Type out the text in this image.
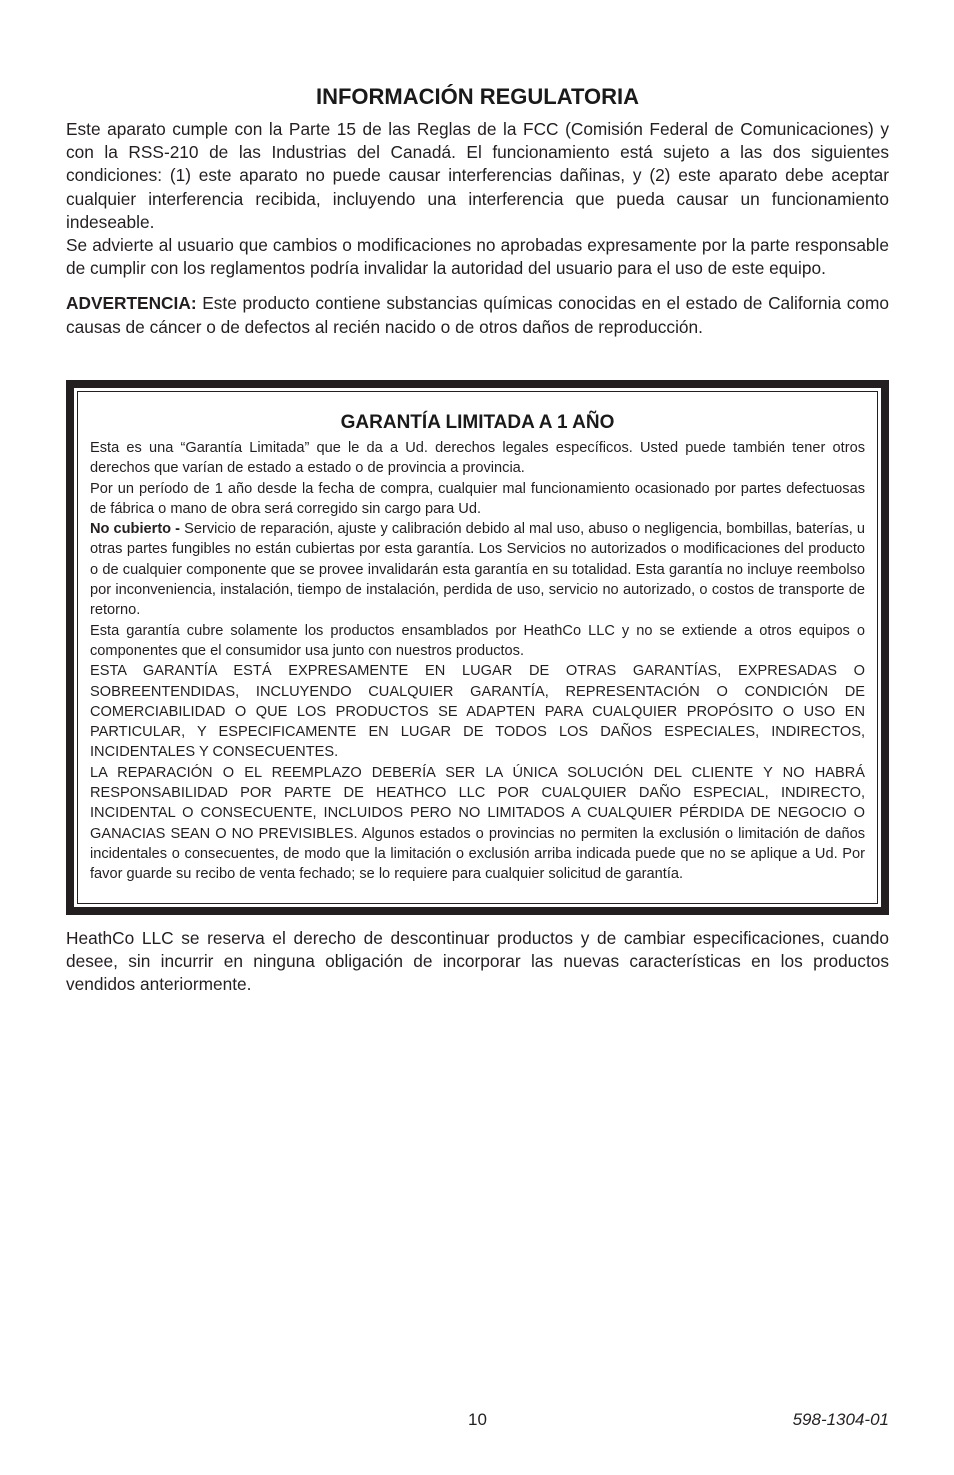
INFORMACIÓN REGULATORIA

Este aparato cumple con la Parte 15 de las Reglas de la FCC (Comisión Federal de Comunicaciones) y con la RSS-210 de las Industrias del Canadá. El funcionamiento está sujeto a las dos siguientes condiciones: (1) este aparato no puede causar interferencias dañinas, y (2) este aparato debe aceptar cualquier interferencia recibida, incluyendo una interferencia que pueda causar un funcionamiento indeseable.

Se advierte al usuario que cambios o modificaciones no aprobadas expresamente por la parte responsable de cumplir con los reglamentos podría invalidar la autoridad del usuario para el uso de este equipo.

ADVERTENCIA: Este producto contiene substancias químicas conocidas en el estado de California como causas de cáncer o de defectos al recién nacido o de otros daños de reproducción.

GARANTÍA LIMITADA A 1 AÑO

Esta es una “Garantía Limitada” que le da a Ud. derechos legales específicos. Usted puede también tener otros derechos que varían de estado a estado o de provincia a provincia.

Por un período de 1 año desde la fecha de compra, cualquier mal funcionamiento ocasionado por partes defectuosas de fábrica o mano de obra será corregido sin cargo para Ud.

No cubierto - Servicio de reparación, ajuste y calibración debido al mal uso, abuso o negligencia, bombillas, baterías, u otras partes fungibles no están cubiertas por esta garantía. Los Servicios no autorizados o modificaciones del producto o de cualquier componente que se provee invalidarán esta garantía en su totalidad. Esta garantía no incluye reembolso por inconveniencia, instalación, tiempo de instalación, perdida de uso, servicio no autorizado, o costos de transporte de retorno.

Esta garantía cubre solamente los productos ensamblados por HeathCo LLC y no se extiende a otros equipos o componentes que el consumidor usa junto con nuestros productos.

ESTA GARANTÍA ESTÁ EXPRESAMENTE EN LUGAR DE OTRAS GARANTÍAS, EXPRESADAS O SOBREENTENDIDAS, INCLUYENDO CUALQUIER GARANTÍA, REPRESENTACIÓN O CONDICIÓN DE COMERCIABILIDAD O QUE LOS PRODUCTOS SE ADAPTEN PARA CUALQUIER PROPÓSITO O USO EN PARTICULAR, Y ESPECIFICAMENTE EN LUGAR DE TODOS LOS DAÑOS ESPECIALES, INDIRECTOS, INCIDENTALES Y CONSECUENTES.

LA REPARACIÓN O EL REEMPLAZO DEBERÍA SER LA ÚNICA SOLUCIÓN DEL CLIENTE Y NO HABRÁ RESPONSABILIDAD POR PARTE DE HEATHCO LLC POR CUALQUIER DAÑO ESPECIAL, INDIRECTO, INCIDENTAL O CONSECUENTE, INCLUIDOS PERO NO LIMITADOS A CUALQUIER PÉRDIDA DE NEGOCIO O GANACIAS SEAN O NO PREVISIBLES. Algunos estados o provincias no permiten la exclusión o limitación de daños incidentales o consecuentes, de modo que la limitación o exclusión arriba indicada puede que no se aplique a Ud. Por favor guarde su recibo de venta fechado; se lo requiere para cualquier solicitud de garantía.

HeathCo LLC se reserva el derecho de descontinuar productos y de cambiar especificaciones, cuando desee, sin incurrir en ninguna obligación de incorporar las nuevas características en los productos vendidos anteriormente.

10	598-1304-01
